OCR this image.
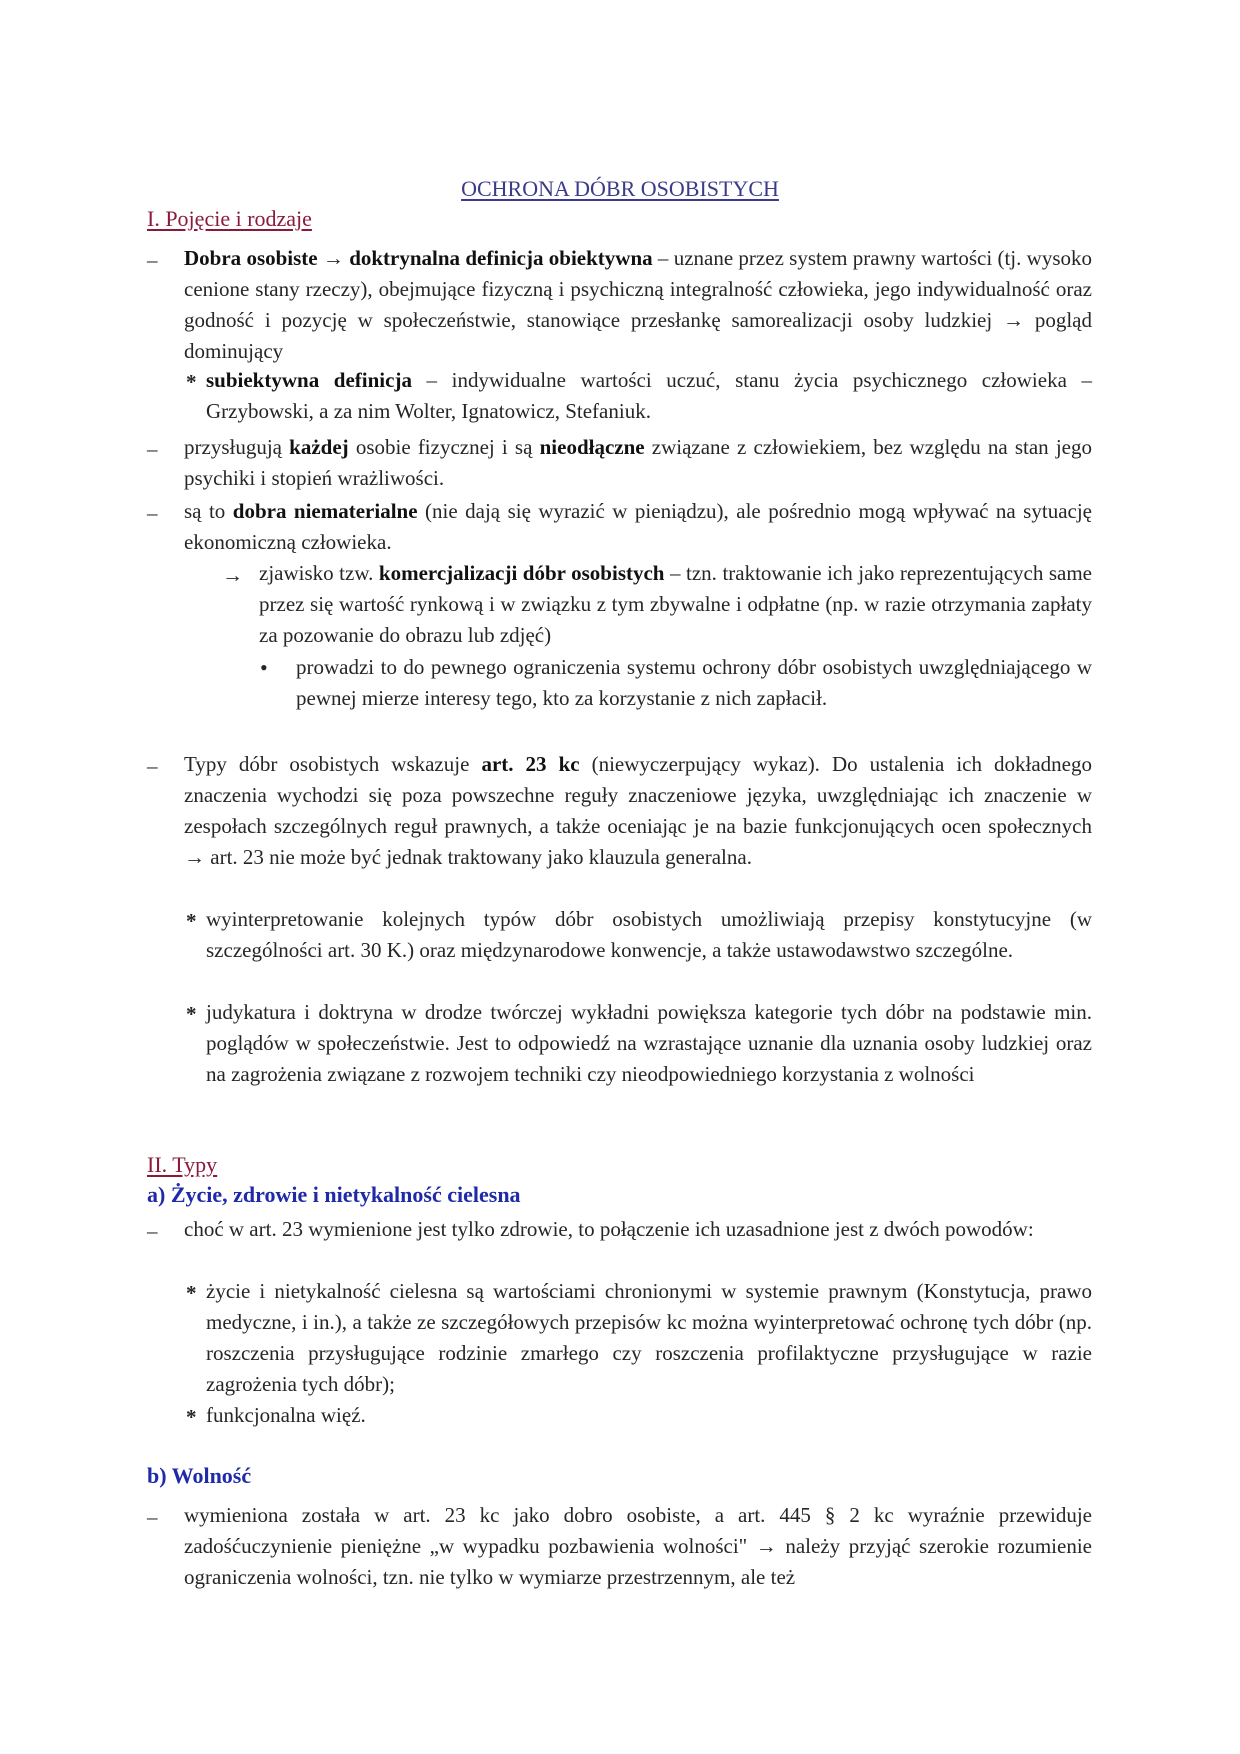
OCHRONA DÓBR OSOBISTYCH
I. Pojęcie i rodzaje
–	Dobra osobiste → doktrynalna definicja obiektywna – uznane przez system prawny wartości (tj. wysoko cenione stany rzeczy), obejmujące fizyczną i psychiczną integralność człowieka, jego indywidualność oraz godność i pozycję w społeczeństwie, stanowiące przesłankę samorealizacji osoby ludzkiej → pogląd dominujący
* subiektywna definicja – indywidualne wartości uczuć, stanu życia psychicznego człowieka – Grzybowski, a za nim Wolter, Ignatowicz, Stefaniuk.
–	przysługują każdej osobie fizycznej i są nieodłączne związane z człowiekiem, bez względu na stan jego psychiki i stopień wrażliwości.
–	są to dobra niematerialne (nie dają się wyrazić w pieniądzu), ale pośrednio mogą wpływać na sytuację ekonomiczną człowieka.
→ zjawisko tzw. komercjalizacji dóbr osobistych – tzn. traktowanie ich jako reprezentujących same przez się wartość rynkową i w związku z tym zbywalne i odpłatne (np. w razie otrzymania zapłaty za pozowanie do obrazu lub zdjęć)
•	prowadzi to do pewnego ograniczenia systemu ochrony dóbr osobistych uwzględniającego w pewnej mierze interesy tego, kto za korzystanie z nich zapłacił.
–	Typy dóbr osobistych wskazuje art. 23 kc (niewyczerpujący wykaz). Do ustalenia ich dokładnego znaczenia wychodzi się poza powszechne reguły znaczeniowe języka, uwzględniając ich znaczenie w zespołach szczególnych reguł prawnych, a także oceniając je na bazie funkcjonujących ocen społecznych → art. 23 nie może być jednak traktowany jako klauzula generalna.
* wyinterpretowanie kolejnych typów dóbr osobistych umożliwiają przepisy konstytucyjne (w szczególności art. 30 K.) oraz międzynarodowe konwencje, a także ustawodawstwo szczególne.
* judykatura i doktryna w drodze twórczej wykładni powiększa kategorie tych dóbr na podstawie min. poglądów w społeczeństwie. Jest to odpowiedź na wzrastające uznanie dla uznania osoby ludzkiej oraz na zagrożenia związane z rozwojem techniki czy nieodpowiedniego korzystania z wolności
II. Typy
a) Życie, zdrowie i nietykalność cielesna
–	choć w art. 23 wymienione jest tylko zdrowie, to połączenie ich uzasadnione jest z dwóch powodów:
* życie i nietykalność cielesna są wartościami chronionymi w systemie prawnym (Konstytucja, prawo medyczne, i in.), a także ze szczegółowych przepisów kc można wyinterpretować ochronę tych dóbr (np. roszczenia przysługujące rodzinie zmarłego czy roszczenia profilaktyczne przysługujące w razie zagrożenia tych dóbr);
* funkcjonalna więź.
b) Wolność
–	wymieniona została w art. 23 kc jako dobro osobiste, a art. 445 § 2 kc wyraźnie przewiduje zadośćuczynienie pieniężne „w wypadku pozbawienia wolności" → należy przyjąć szerokie rozumienie ograniczenia wolności, tzn. nie tylko w wymiarze przestrzennym, ale też
